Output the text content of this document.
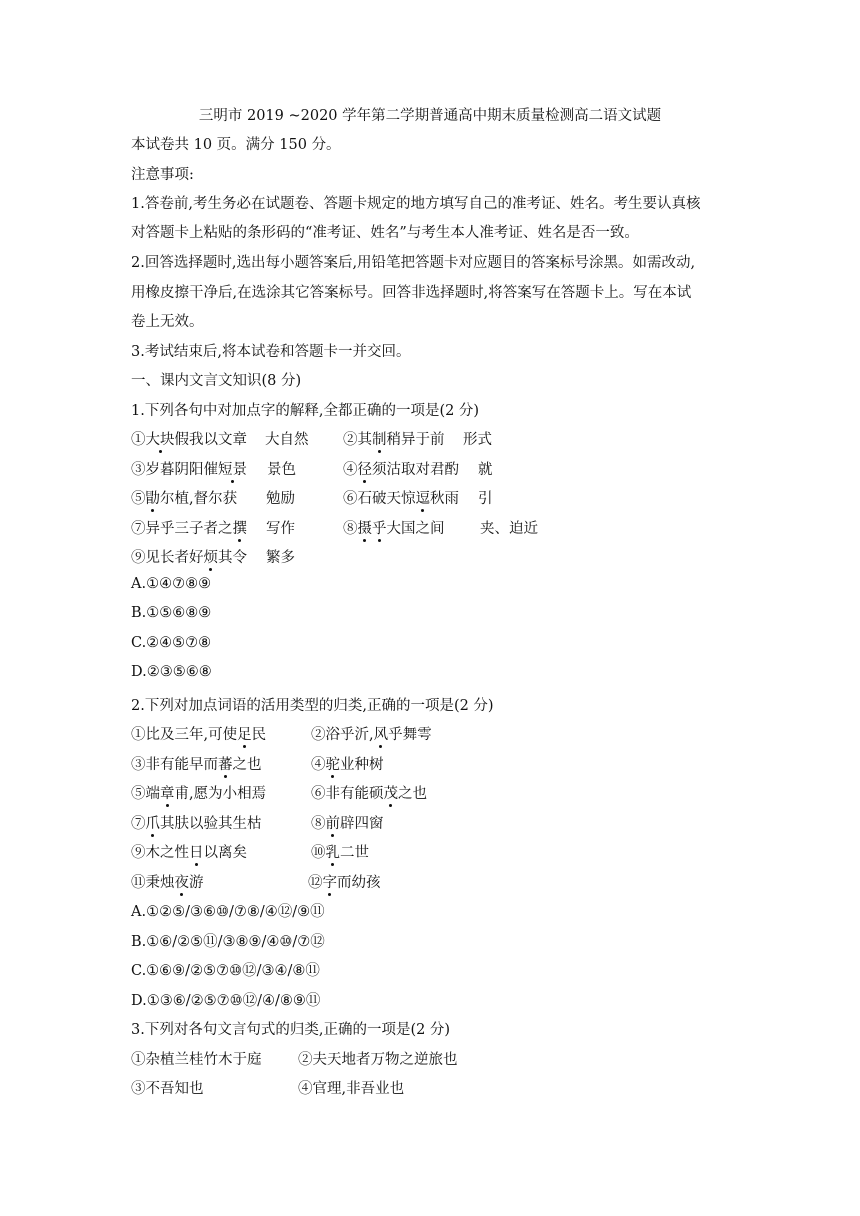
三明市 2019 ~2020 学年第二学期普通高中期末质量检测高二语文试题
本试卷共 10 页。满分 150 分。
注意事项:
1.答卷前,考生务必在试题卷、答题卡规定的地方填写自己的准考证、姓名。考生要认真核
对答题卡上粘贴的条形码的“准考证、姓名”与考生本人准考证、姓名是否一致。
2.回答选择题时,选出每小题答案后,用铅笔把答题卡对应题目的答案标号涂黑。如需改动,
用橡皮擦干净后,在选涂其它答案标号。回答非选择题时,将答案写在答题卡上。写在本试
卷上无效。
3.考试结束后,将本试卷和答题卡一并交回。
一、课内文言文知识(8 分)
1.下列各句中对加点字的解释,全都正确的一项是(2 分)
①大块假我以文章 大自然 ②其制稍异于前 形式
③岁暮阴阳催短景 景色	④径须沽取对君酌 就
⑤勖尔植,督尔获 勉励	⑥石破天惊逗秋雨 引
⑦异乎三子者之撰 写作	⑧摄乎大国之间 夹、迫近
⑨见长者好烦其令 繁多
A.①④⑦⑧⑨
B.①⑤⑥⑧⑨
C.②④⑤⑦⑧
D.②③⑤⑥⑧
2.下列对加点词语的活用类型的归类,正确的一项是(2 分)
①比及三年,可使足民	②浴乎沂,风乎舞雩
③非有能早而蕃之也	④驼业种树
⑤端章甫,愿为小相焉	⑥非有能硕茂之也
⑦爪其肤以验其生枯	⑧前辟四窗
⑨木之性日以离矣	⑩乳二世
⑪秉烛夜游	⑫字而幼孩
A.①②⑤/③⑥⑩/⑦⑧/④⑫/⑨⑪
B.①⑥/②⑤⑪/③⑧⑨/④⑩/⑦⑫
C.①⑥⑨/②⑤⑦⑩⑫/③④/⑧⑪
D.①③⑥/②⑤⑦⑩⑫/④/⑧⑨⑪
3.下列对各句文言句式的归类,正确的一项是(2 分)
①杂植兰桂竹木于庭	②夫天地者万物之逆旅也
③不吾知也	④官理,非吾业也
